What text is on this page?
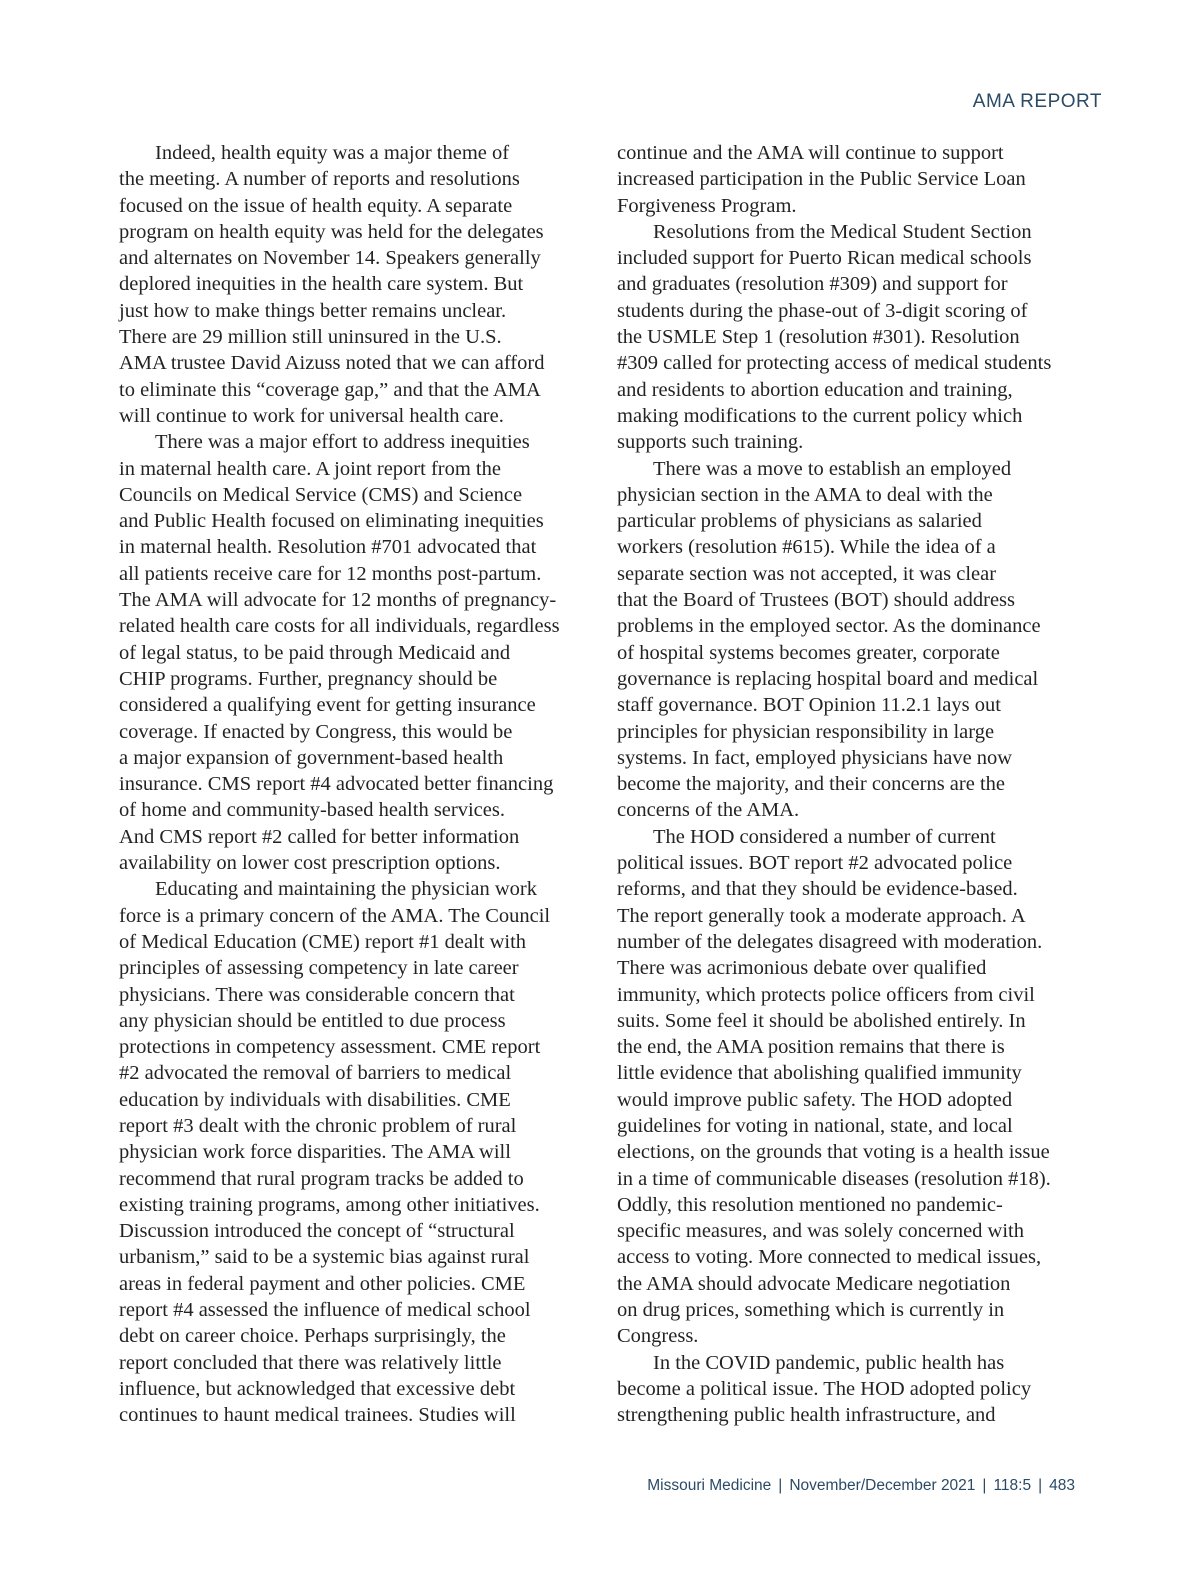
AMA REPORT
Indeed, health equity was a major theme of
the meeting. A number of reports and resolutions
focused on the issue of health equity. A separate
program on health equity was held for the delegates
and alternates on November 14. Speakers generally
deplored inequities in the health care system. But
just how to make things better remains unclear.
There are 29 million still uninsured in the U.S.
AMA trustee David Aizuss noted that we can afford
to eliminate this “coverage gap,” and that the AMA
will continue to work for universal health care.
There was a major effort to address inequities
in maternal health care. A joint report from the
Councils on Medical Service (CMS) and Science
and Public Health focused on eliminating inequities
in maternal health. Resolution #701 advocated that
all patients receive care for 12 months post-partum.
The AMA will advocate for 12 months of pregnancy-
related health care costs for all individuals, regardless
of legal status, to be paid through Medicaid and
CHIP programs. Further, pregnancy should be
considered a qualifying event for getting insurance
coverage. If enacted by Congress, this would be
a major expansion of government-based health
insurance. CMS report #4 advocated better financing
of home and community-based health services.
And CMS report #2 called for better information
availability on lower cost prescription options.
Educating and maintaining the physician work
force is a primary concern of the AMA. The Council
of Medical Education (CME) report #1 dealt with
principles of assessing competency in late career
physicians. There was considerable concern that
any physician should be entitled to due process
protections in competency assessment. CME report
#2 advocated the removal of barriers to medical
education by individuals with disabilities. CME
report #3 dealt with the chronic problem of rural
physician work force disparities. The AMA will
recommend that rural program tracks be added to
existing training programs, among other initiatives.
Discussion introduced the concept of “structural
urbanism,” said to be a systemic bias against rural
areas in federal payment and other policies. CME
report #4 assessed the influence of medical school
debt on career choice. Perhaps surprisingly, the
report concluded that there was relatively little
influence, but acknowledged that excessive debt
continues to haunt medical trainees. Studies will
continue and the AMA will continue to support
increased participation in the Public Service Loan
Forgiveness Program.
Resolutions from the Medical Student Section
included support for Puerto Rican medical schools
and graduates (resolution #309) and support for
students during the phase-out of 3-digit scoring of
the USMLE Step 1 (resolution #301). Resolution
#309 called for protecting access of medical students
and residents to abortion education and training,
making modifications to the current policy which
supports such training.
There was a move to establish an employed
physician section in the AMA to deal with the
particular problems of physicians as salaried
workers (resolution #615). While the idea of a
separate section was not accepted, it was clear
that the Board of Trustees (BOT) should address
problems in the employed sector. As the dominance
of hospital systems becomes greater, corporate
governance is replacing hospital board and medical
staff governance. BOT Opinion 11.2.1 lays out
principles for physician responsibility in large
systems. In fact, employed physicians have now
become the majority, and their concerns are the
concerns of the AMA.
The HOD considered a number of current
political issues. BOT report #2 advocated police
reforms, and that they should be evidence-based.
The report generally took a moderate approach. A
number of the delegates disagreed with moderation.
There was acrimonious debate over qualified
immunity, which protects police officers from civil
suits. Some feel it should be abolished entirely. In
the end, the AMA position remains that there is
little evidence that abolishing qualified immunity
would improve public safety. The HOD adopted
guidelines for voting in national, state, and local
elections, on the grounds that voting is a health issue
in a time of communicable diseases (resolution #18).
Oddly, this resolution mentioned no pandemic-
specific measures, and was solely concerned with
access to voting. More connected to medical issues,
the AMA should advocate Medicare negotiation
on drug prices, something which is currently in
Congress.
In the COVID pandemic, public health has
become a political issue. The HOD adopted policy
strengthening public health infrastructure, and
Missouri Medicine | November/December 2021 | 118:5 | 483
